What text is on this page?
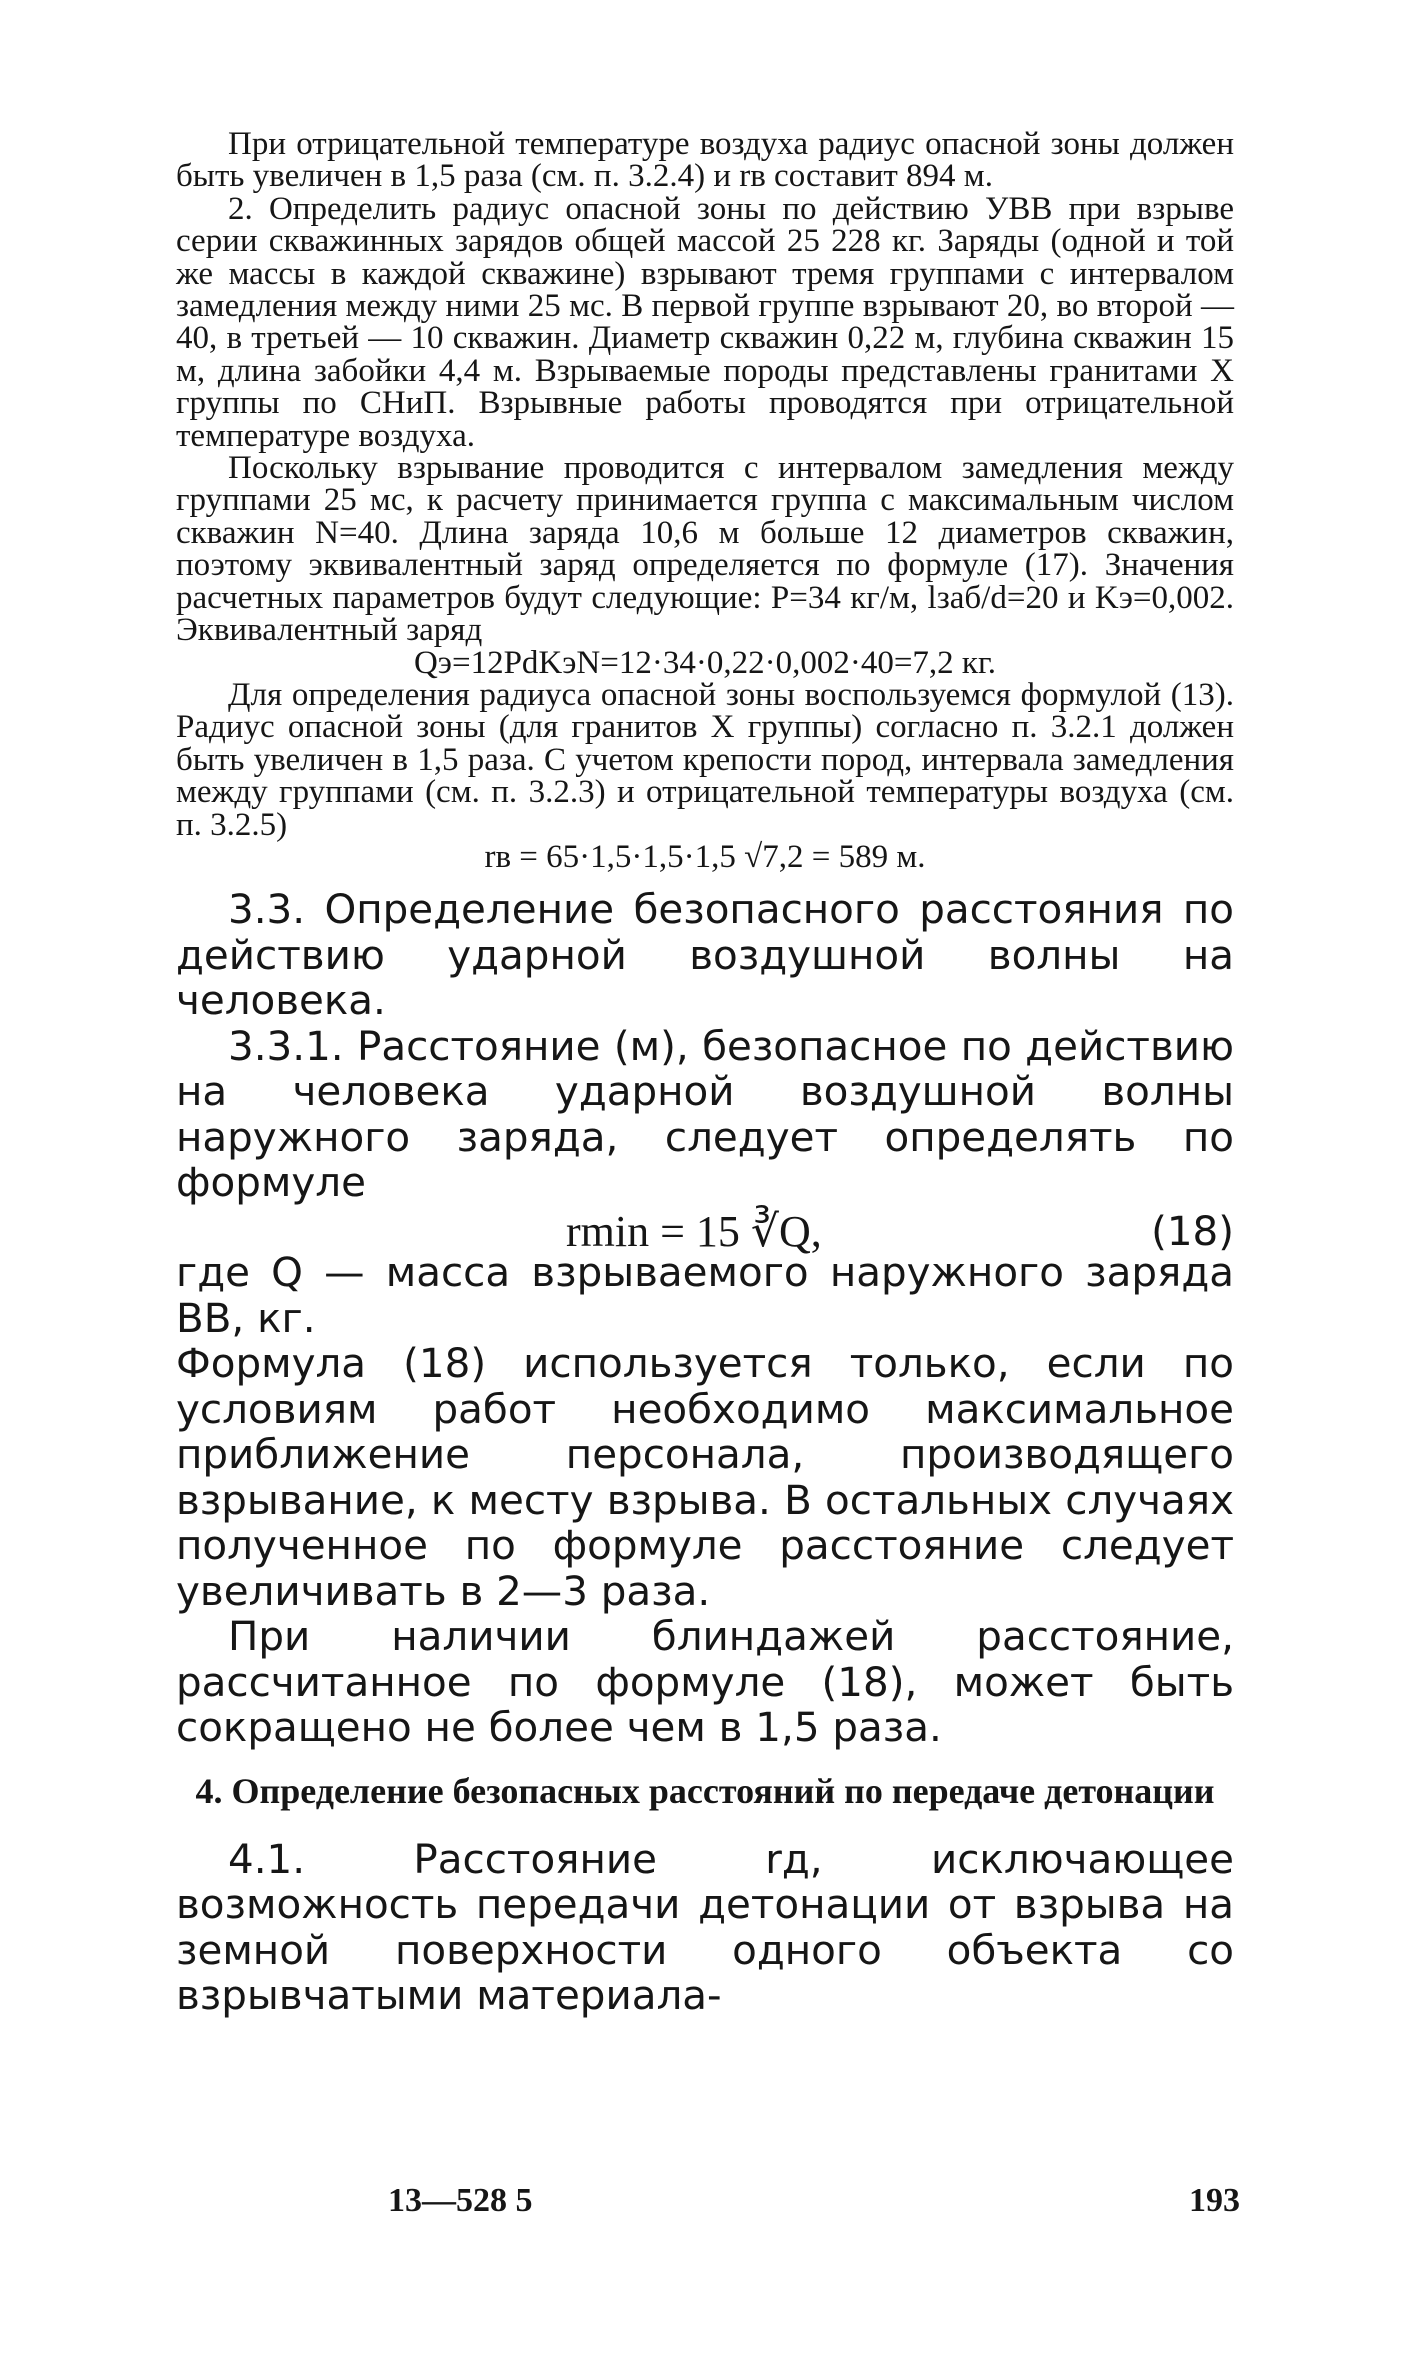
При отрицательной температуре воздуха радиус опасной зоны должен быть увеличен в 1,5 раза (см. п. 3.2.4) и rв составит 894 м.

2. Определить радиус опасной зоны по действию УВВ при взрыве серии скважинных зарядов общей массой 25 228 кг. Заряды (одной и той же массы в каждой скважине) взрывают тремя группами с интервалом замедления между ними 25 мс. В первой группе взрывают 20, во второй — 40, в третьей — 10 скважин. Диаметр скважин 0,22 м, глубина скважин 15 м, длина забойки 4,4 м. Взрываемые породы представлены гранитами X группы по СНиП. Взрывные работы проводятся при отрицательной температуре воздуха.

Поскольку взрывание проводится с интервалом замедления между группами 25 мс, к расчету принимается группа с максимальным числом скважин N=40. Длина заряда 10,6 м больше 12 диаметров скважин, поэтому эквивалентный заряд определяется по формуле (17). Значения расчетных параметров будут следующие: P=34 кг/м, lзаб/d=20 и Kэ=0,002. Эквивалентный заряд

Qэ=12PdKэN=12·34·0,22·0,002·40=7,2 кг.

Для определения радиуса опасной зоны воспользуемся формулой (13). Радиус опасной зоны (для гранитов X группы) согласно п. 3.2.1 должен быть увеличен в 1,5 раза. С учетом крепости пород, интервала замедления между группами (см. п. 3.2.3) и отрицательной температуры воздуха (см. п. 3.2.5)

rв = 65·1,5·1,5·1,5 √7,2 = 589 м.

3.3. Определение безопасного расстояния по действию ударной воздушной волны на человека.

3.3.1. Расстояние (м), безопасное по действию на человека ударной воздушной волны наружного заряда, следует определять по формуле

rmin = 15 ∛Q,	(18)

где Q — масса взрываемого наружного заряда ВВ, кг.

Формула (18) используется только, если по условиям работ необходимо максимальное приближение персонала, производящего взрывание, к месту взрыва. В остальных случаях полученное по формуле расстояние следует увеличивать в 2—3 раза.

При наличии блиндажей расстояние, рассчитанное по формуле (18), может быть сокращено не более чем в 1,5 раза.

4. Определение безопасных расстояний по передаче детонации

4.1. Расстояние rд, исключающее возможность передачи детонации от взрыва на земной поверхности одного объекта со взрывчатыми материала-

13—528 5	193
